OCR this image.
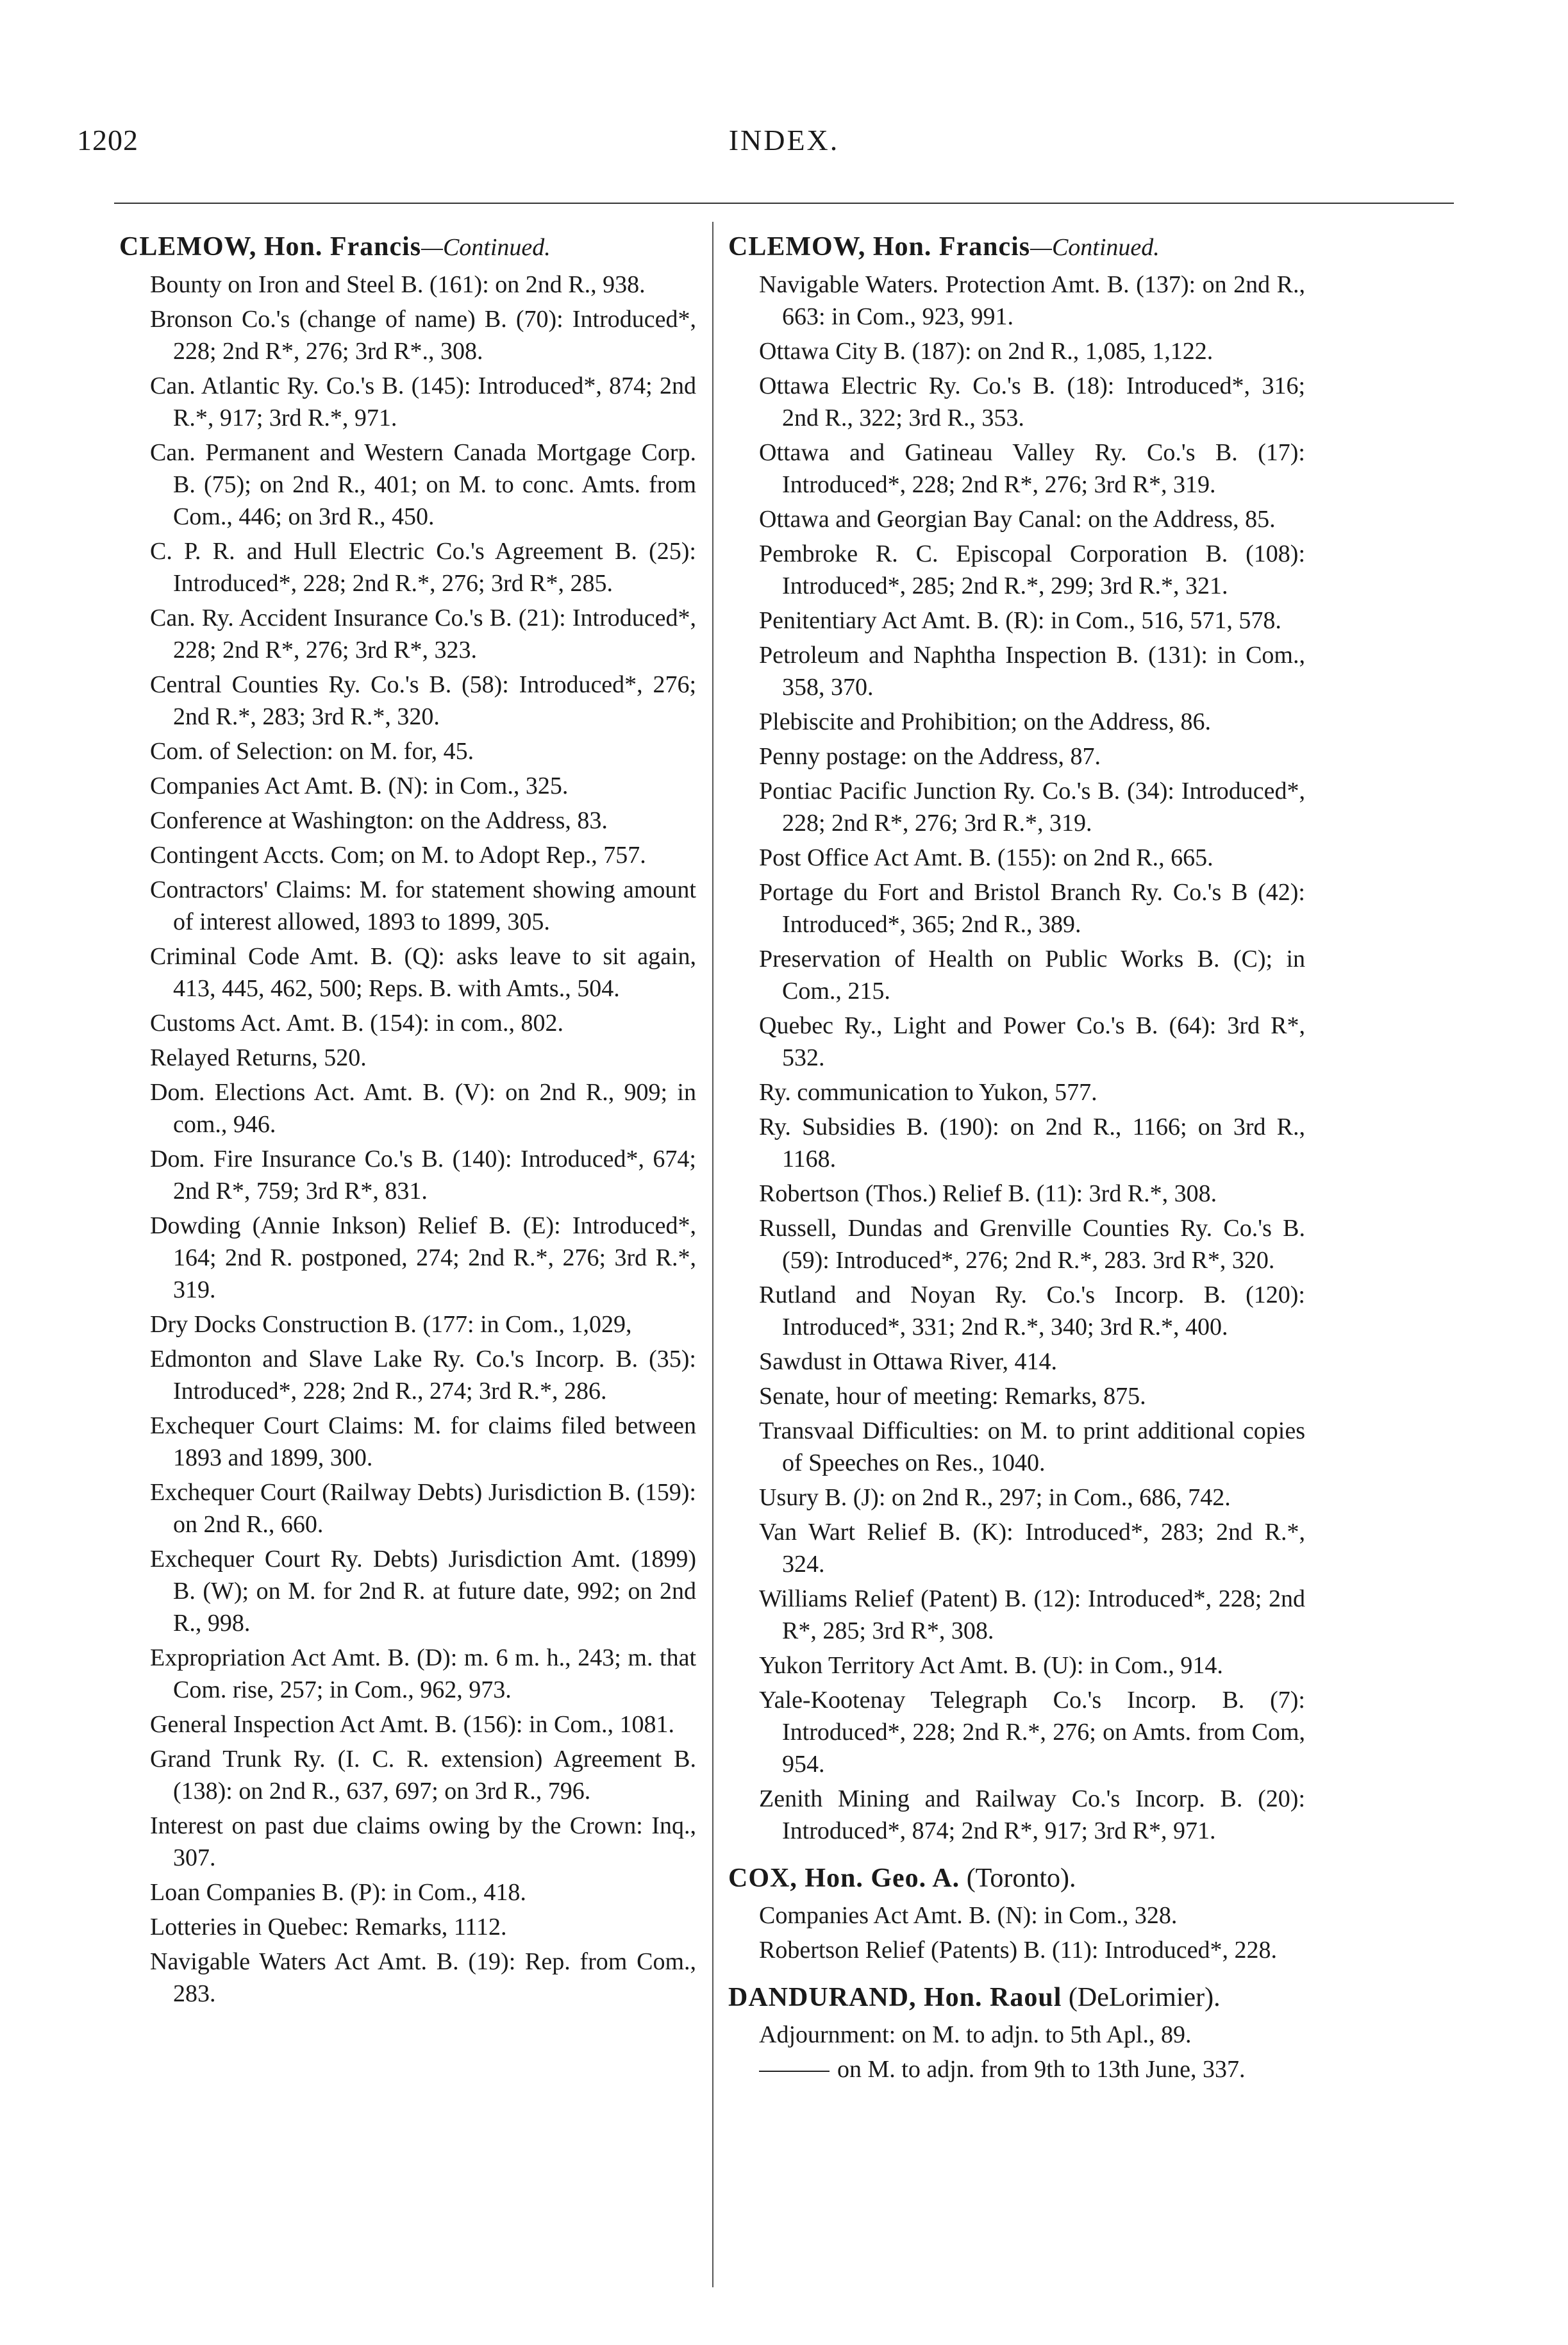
1202	INDEX.
CLEMOW, Hon. Francis—Continued.

Bounty on Iron and Steel B. (161): on 2nd R., 938.

Bronson Co.'s (change of name) B. (70): Introduced*, 228; 2nd R*, 276; 3rd R*., 308.

Can. Atlantic Ry. Co.'s B. (145): Introduced*, 874; 2nd R.*, 917; 3rd R.*, 971.

Can. Permanent and Western Canada Mortgage Corp. B. (75); on 2nd R., 401; on M. to conc. Amts. from Com., 446; on 3rd R., 450.

C. P. R. and Hull Electric Co.'s Agreement B. (25): Introduced*, 228; 2nd R.*, 276; 3rd R*, 285.

Can. Ry. Accident Insurance Co.'s B. (21): Introduced*, 228; 2nd R*, 276; 3rd R*, 323.

Central Counties Ry. Co.'s B. (58): Introduced*, 276; 2nd R.*, 283; 3rd R.*, 320.

Com. of Selection: on M. for, 45.

Companies Act Amt. B. (N): in Com., 325.

Conference at Washington: on the Address, 83.

Contingent Accts. Com; on M. to Adopt Rep., 757.

Contractors' Claims: M. for statement showing amount of interest allowed, 1893 to 1899, 305.

Criminal Code Amt. B. (Q): asks leave to sit again, 413, 445, 462, 500; Reps. B. with Amts., 504.

Customs Act. Amt. B. (154): in com., 802.

Relayed Returns, 520.

Dom. Elections Act. Amt. B. (V): on 2nd R., 909; in com., 946.

Dom. Fire Insurance Co.'s B. (140): Introduced*, 674; 2nd R*, 759; 3rd R*, 831.

Dowding (Annie Inkson) Relief B. (E): Introduced*, 164; 2nd R. postponed, 274; 2nd R.*, 276; 3rd R.*, 319.

Dry Docks Construction B. (177: in Com., 1,029,

Edmonton and Slave Lake Ry. Co.'s Incorp. B. (35): Introduced*, 228; 2nd R., 274; 3rd R.*, 286.

Exchequer Court Claims: M. for claims filed between 1893 and 1899, 300.

Exchequer Court (Railway Debts) Jurisdiction B. (159): on 2nd R., 660.

Exchequer Court Ry. Debts) Jurisdiction Amt. (1899) B. (W); on M. for 2nd R. at future date, 992; on 2nd R., 998.

Expropriation Act Amt. B. (D): m. 6 m. h., 243; m. that Com. rise, 257; in Com., 962, 973.

General Inspection Act Amt. B. (156): in Com., 1081.

Grand Trunk Ry. (I. C. R. extension) Agreement B. (138): on 2nd R., 637, 697; on 3rd R., 796.

Interest on past due claims owing by the Crown: Inq., 307.

Loan Companies B. (P): in Com., 418.

Lotteries in Quebec: Remarks, 1112.

Navigable Waters Act Amt. B. (19): Rep. from Com., 283.

CLEMOW, Hon. Francis—Continued.

Navigable Waters. Protection Amt. B. (137): on 2nd R., 663: in Com., 923, 991.

Ottawa City B. (187): on 2nd R., 1,085, 1,122.

Ottawa Electric Ry. Co.'s B. (18): Introduced*, 316; 2nd R., 322; 3rd R., 353.

Ottawa and Gatineau Valley Ry. Co.'s B. (17): Introduced*, 228; 2nd R*, 276; 3rd R*, 319.

Ottawa and Georgian Bay Canal: on the Address, 85.

Pembroke R. C. Episcopal Corporation B. (108): Introduced*, 285; 2nd R.*, 299; 3rd R.*, 321.

Penitentiary Act Amt. B. (R): in Com., 516, 571, 578.

Petroleum and Naphtha Inspection B. (131): in Com., 358, 370.

Plebiscite and Prohibition; on the Address, 86.

Penny postage: on the Address, 87.

Pontiac Pacific Junction Ry. Co.'s B. (34): Introduced*, 228; 2nd R*, 276; 3rd R.*, 319.

Post Office Act Amt. B. (155): on 2nd R., 665.

Portage du Fort and Bristol Branch Ry. Co.'s B (42): Introduced*, 365; 2nd R., 389.

Preservation of Health on Public Works B. (C); in Com., 215.

Quebec Ry., Light and Power Co.'s B. (64): 3rd R*, 532.

Ry. communication to Yukon, 577.

Ry. Subsidies B. (190): on 2nd R., 1166; on 3rd R., 1168.

Robertson (Thos.) Relief B. (11): 3rd R.*, 308.

Russell, Dundas and Grenville Counties Ry. Co.'s B. (59): Introduced*, 276; 2nd R.*, 283. 3rd R*, 320.

Rutland and Noyan Ry. Co.'s Incorp. B. (120): Introduced*, 331; 2nd R.*, 340; 3rd R.*, 400.

Sawdust in Ottawa River, 414.

Senate, hour of meeting: Remarks, 875.

Transvaal Difficulties: on M. to print additional copies of Speeches on Res., 1040.

Usury B. (J): on 2nd R., 297; in Com., 686, 742.

Van Wart Relief B. (K): Introduced*, 283; 2nd R.*, 324.

Williams Relief (Patent) B. (12): Introduced*, 228; 2nd R*, 285; 3rd R*, 308.

Yukon Territory Act Amt. B. (U): in Com., 914.

Yale-Kootenay Telegraph Co.'s Incorp. B. (7): Introduced*, 228; 2nd R.*, 276; on Amts. from Com, 954.

Zenith Mining and Railway Co.'s Incorp. B. (20): Introduced*, 874; 2nd R*, 917; 3rd R*, 971.

COX, Hon. Geo. A. (Toronto).

Companies Act Amt. B. (N): in Com., 328.

Robertson Relief (Patents) B. (11): Introduced*, 228.

DANDURAND, Hon. Raoul (DeLorimier).

Adjournment: on M. to adjn. to 5th Apl., 89.

on M. to adjn. from 9th to 13th June, 337.
